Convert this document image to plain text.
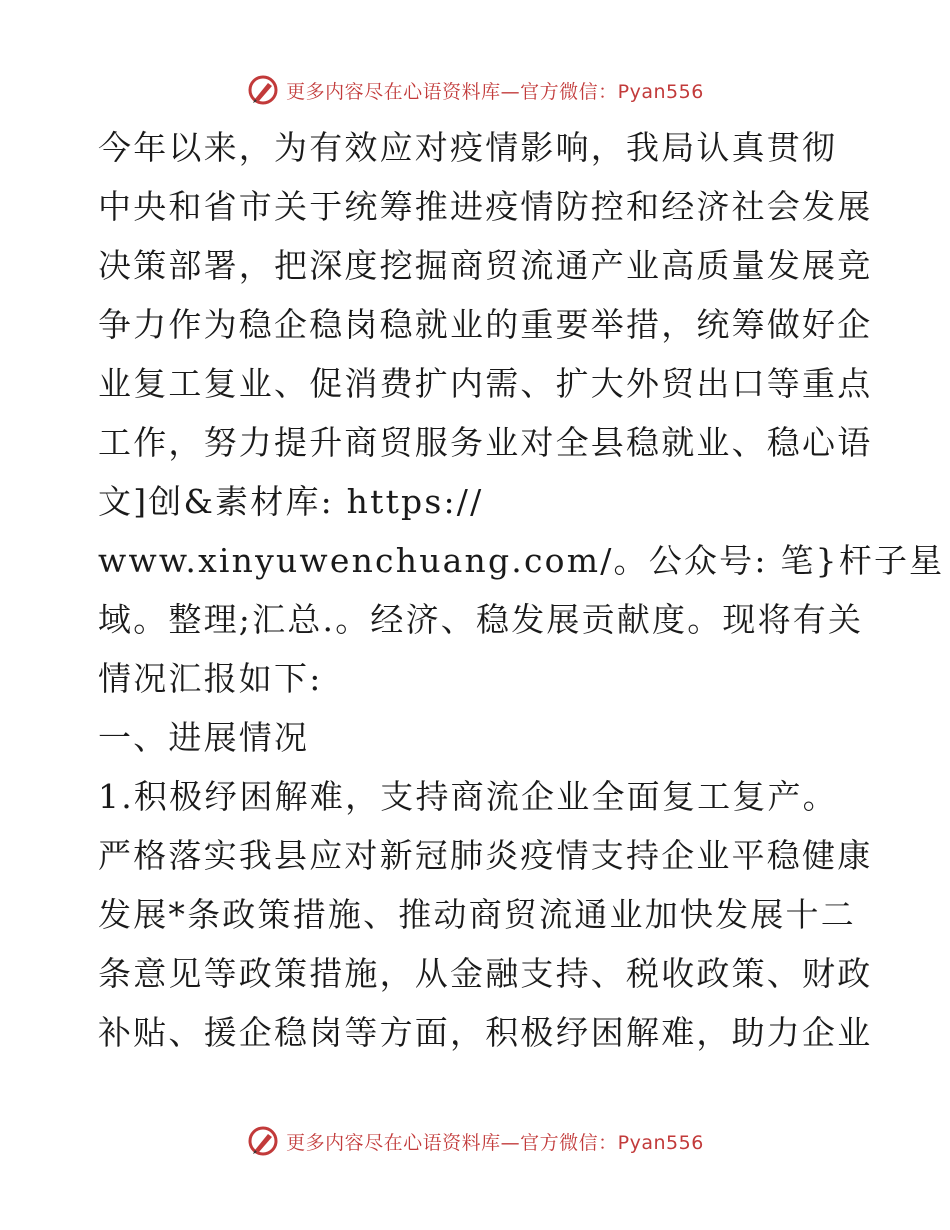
更多内容尽在心语资料库—官方微信：Pyan556
今年以来，为有效应对疫情影响，我局认真贯彻
中央和省市关于统筹推进疫情防控和经济社会发展
决策部署，把深度挖掘商贸流通产业高质量发展竞
争力作为稳企稳岗稳就业的重要举措，统筹做好企
业复工复业、促消费扩内需、扩大外贸出口等重点
工作，努力提升商贸服务业对全县稳就业、稳心语
文]创&素材库: https://
www.xinyuwenchuang.com/。公众号: 笔}杆子星
域。整理;汇总.。经济、稳发展贡献度。现将有关
情况汇报如下:
一、进展情况
1.积极纾困解难，支持商流企业全面复工复产。
严格落实我县应对新冠肺炎疫情支持企业平稳健康
发展*条政策措施、推动商贸流通业加快发展十二
条意见等政策措施，从金融支持、税收政策、财政
补贴、援企稳岗等方面，积极纾困解难，助力企业
更多内容尽在心语资料库—官方微信：Pyan556
